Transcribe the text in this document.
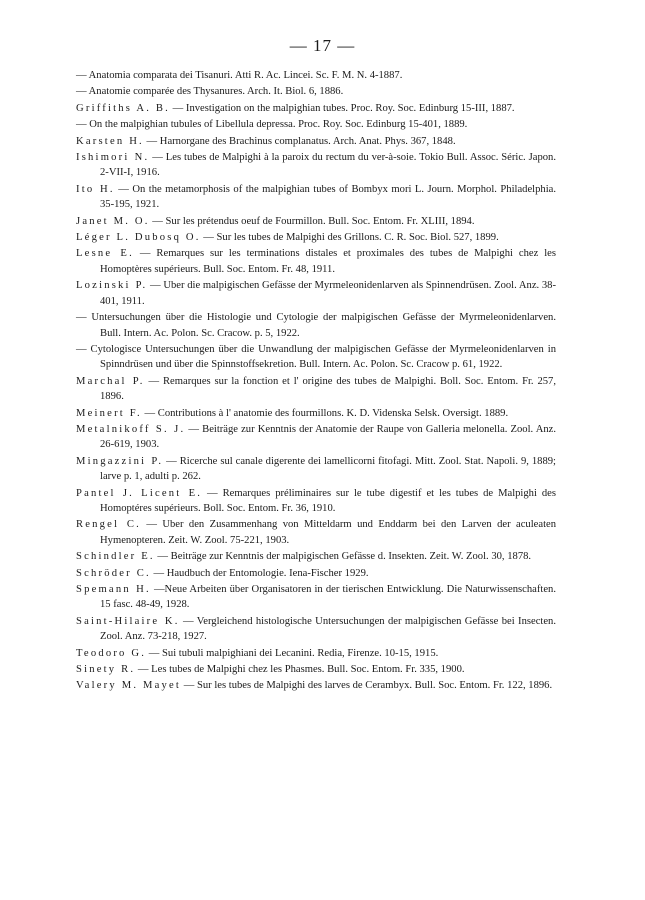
— 17 —

— Anatomia comparata dei Tisanuri. Atti R. Ac. Lincei. Sc. F. M. N. 4-1887.

— Anatomie comparée des Thysanures. Arch. It. Biol. 6, 1886.

Griffiths A. B. — Investigation on the malpighian tubes. Proc. Roy. Soc. Edinburg 15-III, 1887.

— On the malpighian tubules of Libellula depressa. Proc. Roy. Soc. Edinburg 15-401, 1889.

Karsten H. — Harnorgane des Brachinus complanatus. Arch. Anat. Phys. 367, 1848.

Ishimori N. — Les tubes de Malpighi à la paroix du rectum du ver-à-soie. Tokio Bull. Assoc. Séric. Japon. 2-VII-I, 1916.

Ito H. — On the metamorphosis of the malpighian tubes of Bombyx mori L. Journ. Morphol. Philadelphia. 35-195, 1921.

Janet M. O. — Sur les prétendus oeuf de Fourmillon. Bull. Soc. Entom. Fr. XLIII, 1894.

Léger L. Dubosq O. — Sur les tubes de Malpighi des Grillons. C. R. Soc. Biol. 527, 1899.

Lesne E. — Remarques sur les terminations distales et proximales des tubes de Malpighi chez les Homoptères supérieurs. Bull. Soc. Entom. Fr. 48, 1911.

Lozinski P. — Uber die malpigischen Gefässe der Myrmeleonidenlarven als Spinnendrüsen. Zool. Anz. 38-401, 1911.

— Untersuchungen über die Histologie und Cytologie der malpigischen Gefässe der Myrmeleonidenlarven. Bull. Intern. Ac. Polon. Sc. Cracow. p. 5, 1922.

— Cytologisce Untersuchungen über die Unwandlung der malpigischen Gefässe der Myrmeleonidenlarven in Spinndrüsen und über die Spinnstoffsekretion. Bull. Intern. Ac. Polon. Sc. Cracow p. 61, 1922.

Marchal P. — Remarques sur la fonction et l' origine des tubes de Malpighi. Boll. Soc. Entom. Fr. 257, 1896.

Meinert F. — Contributions à l' anatomie des fourmillons. K. D. Videnska Selsk. Oversigt. 1889.

Metalnikoff S. J. — Beiträge zur Kenntnis der Anatomie der Raupe von Galleria melonella. Zool. Anz. 26-619, 1903.

Mingazzini P. — Ricerche sul canale digerente dei lamellicorni fitofagi. Mitt. Zool. Stat. Napoli. 9, 1889; larve p. 1, adulti p. 262.

Pantel J. Licent E. — Remarques préliminaires sur le tube digestif et les tubes de Malpighi des Homoptéres supérieurs. Boll. Soc. Entom. Fr. 36, 1910.

Rengel C. — Uber den Zusammenhang von Mitteldarm und Enddarm bei den Larven der aculeaten Hymenopteren. Zeit. W. Zool. 75-221, 1903.

Schindler E. — Beiträge zur Kenntnis der malpigischen Gefässe d. Insekten. Zeit. W. Zool. 30, 1878.

Schröder C. — Haudbuch der Entomologie. Iena-Fischer 1929.

Spemann H. —Neue Arbeiten über Organisatoren in der tierischen Entwicklung. Die Naturwissenschaften. 15 fasc. 48-49, 1928.

Saint-Hilaire K. — Vergleichend histologische Untersuchungen der malpigischen Gefässe bei Insecten. Zool. Anz. 73-218, 1927.

Teodoro G. — Sui tubuli malpighiani dei Lecanini. Redia, Firenze. 10-15, 1915.

Sinety R. — Les tubes de Malpighi chez les Phasmes. Bull. Soc. Entom. Fr. 335, 1900.

Valery M. Mayet — Sur les tubes de Malpighi des larves de Cerambyx. Bull. Soc. Entom. Fr. 122, 1896.
